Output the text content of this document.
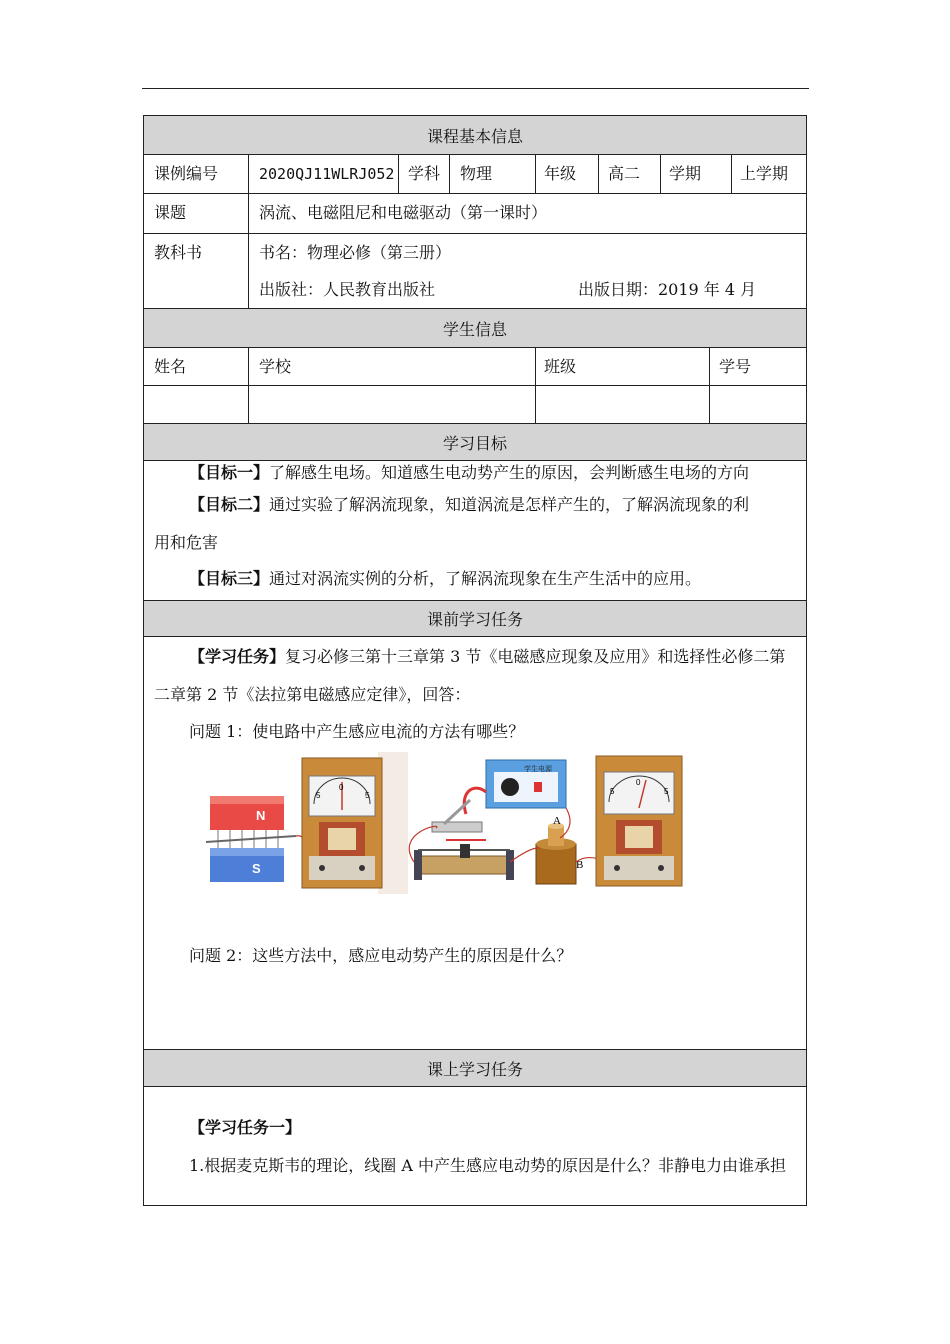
课程基本信息
课例编号	2020QJ11WLRJ052 学科 物理	年级 高二 学期 上学期
课题	涡流、电磁阻尼和电磁驱动（第一课时）
教科书	书名：物理必修（第三册）
出版社：人民教育出版社	出版日期：2019 年 4 月
学生信息
姓名	学校	班级	学号
学习目标
【目标一】了解感生电场。知道感生电动势产生的原因，会判断感生电场的方向
【目标二】通过实验了解涡流现象，知道涡流是怎样产生的，了解涡流现象的利
用和危害
【目标三】通过对涡流实例的分析，了解涡流现象在生产生活中的应用。
课前学习任务
【学习任务】复习必修三第十三章第 3 节《电磁感应现象及应用》和选择性必修二第
二章第 2 节《法拉第电磁感应定律》，回答：
问题 1：使电路中产生感应电流的方法有哪些？
N
S
0
5	5
学生电源
A
B
0
5	5
问题 2：这些方法中，感应电动势产生的原因是什么？
课上学习任务
【学习任务一】
1.根据麦克斯韦的理论，线圈 A 中产生感应电动势的原因是什么？非静电力由谁承担
